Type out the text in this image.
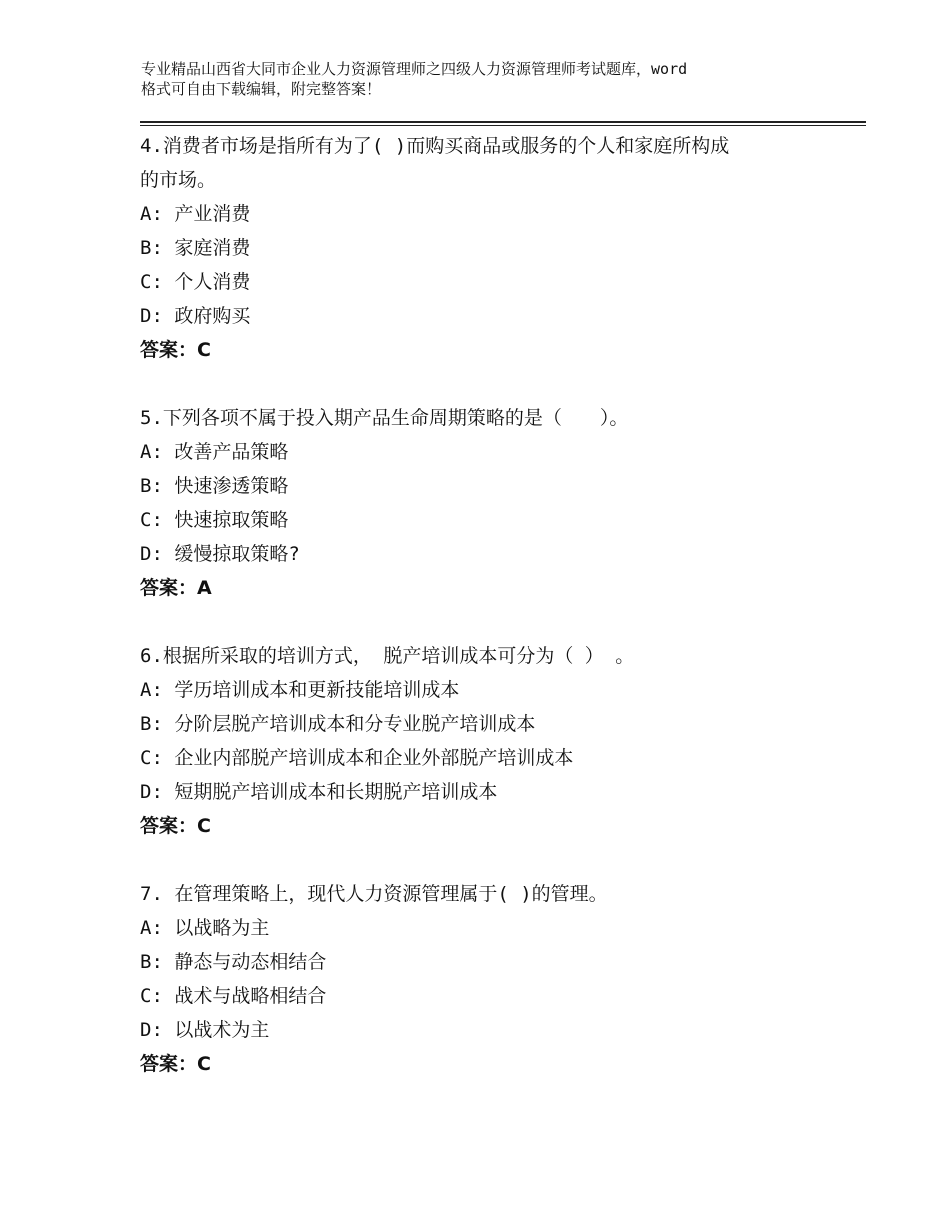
专业精品山西省大同市企业人力资源管理师之四级人力资源管理师考试题库，word
格式可自由下载编辑，附完整答案！
4.消费者市场是指所有为了( )而购买商品或服务的个人和家庭所构成
的市场。
A: 产业消费
B: 家庭消费
C: 个人消费
D: 政府购买
答案：C
5.下列各项不属于投入期产品生命周期策略的是（　　）。
A: 改善产品策略
B: 快速渗透策略
C: 快速掠取策略
D: 缓慢掠取策略?
答案：A
6.根据所采取的培训方式， 脱产培训成本可分为（ ） 。
A: 学历培训成本和更新技能培训成本
B: 分阶层脱产培训成本和分专业脱产培训成本
C: 企业内部脱产培训成本和企业外部脱产培训成本
D: 短期脱产培训成本和长期脱产培训成本
答案：C
7. 在管理策略上，现代人力资源管理属于( )的管理。
A: 以战略为主
B: 静态与动态相结合
C: 战术与战略相结合
D: 以战术为主
答案：C
